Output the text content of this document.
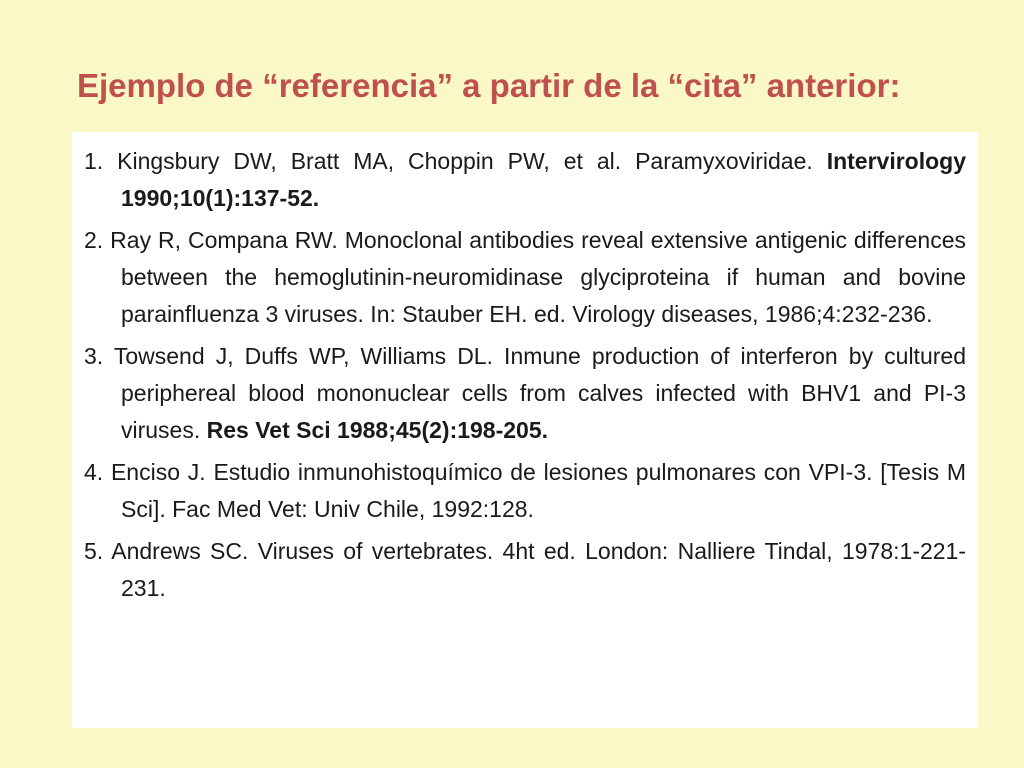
Ejemplo de “referencia” a partir de la “cita” anterior:
1. Kingsbury DW, Bratt MA, Choppin PW, et al. Paramyxoviridae. Intervirology 1990;10(1):137-52.
2. Ray R, Compana RW. Monoclonal antibodies reveal extensive antigenic differences between the hemoglutinin-neuromidinase glyciproteina if human and bovine parainfluenza 3 viruses. In: Stauber EH. ed. Virology diseases, 1986;4:232-236.
3. Towsend J, Duffs WP, Williams DL. Inmune production of interferon by cultured periphereal blood mononuclear cells from calves infected with BHV1 and PI-3 viruses. Res Vet Sci 1988;45(2):198-205.
4. Enciso J. Estudio inmunohistoquímico de lesiones pulmonares con VPI-3. [Tesis M Sci]. Fac Med Vet: Univ Chile, 1992:128.
5. Andrews SC. Viruses of vertebrates. 4ht ed. London: Nalliere Tindal, 1978:1-221-231.
